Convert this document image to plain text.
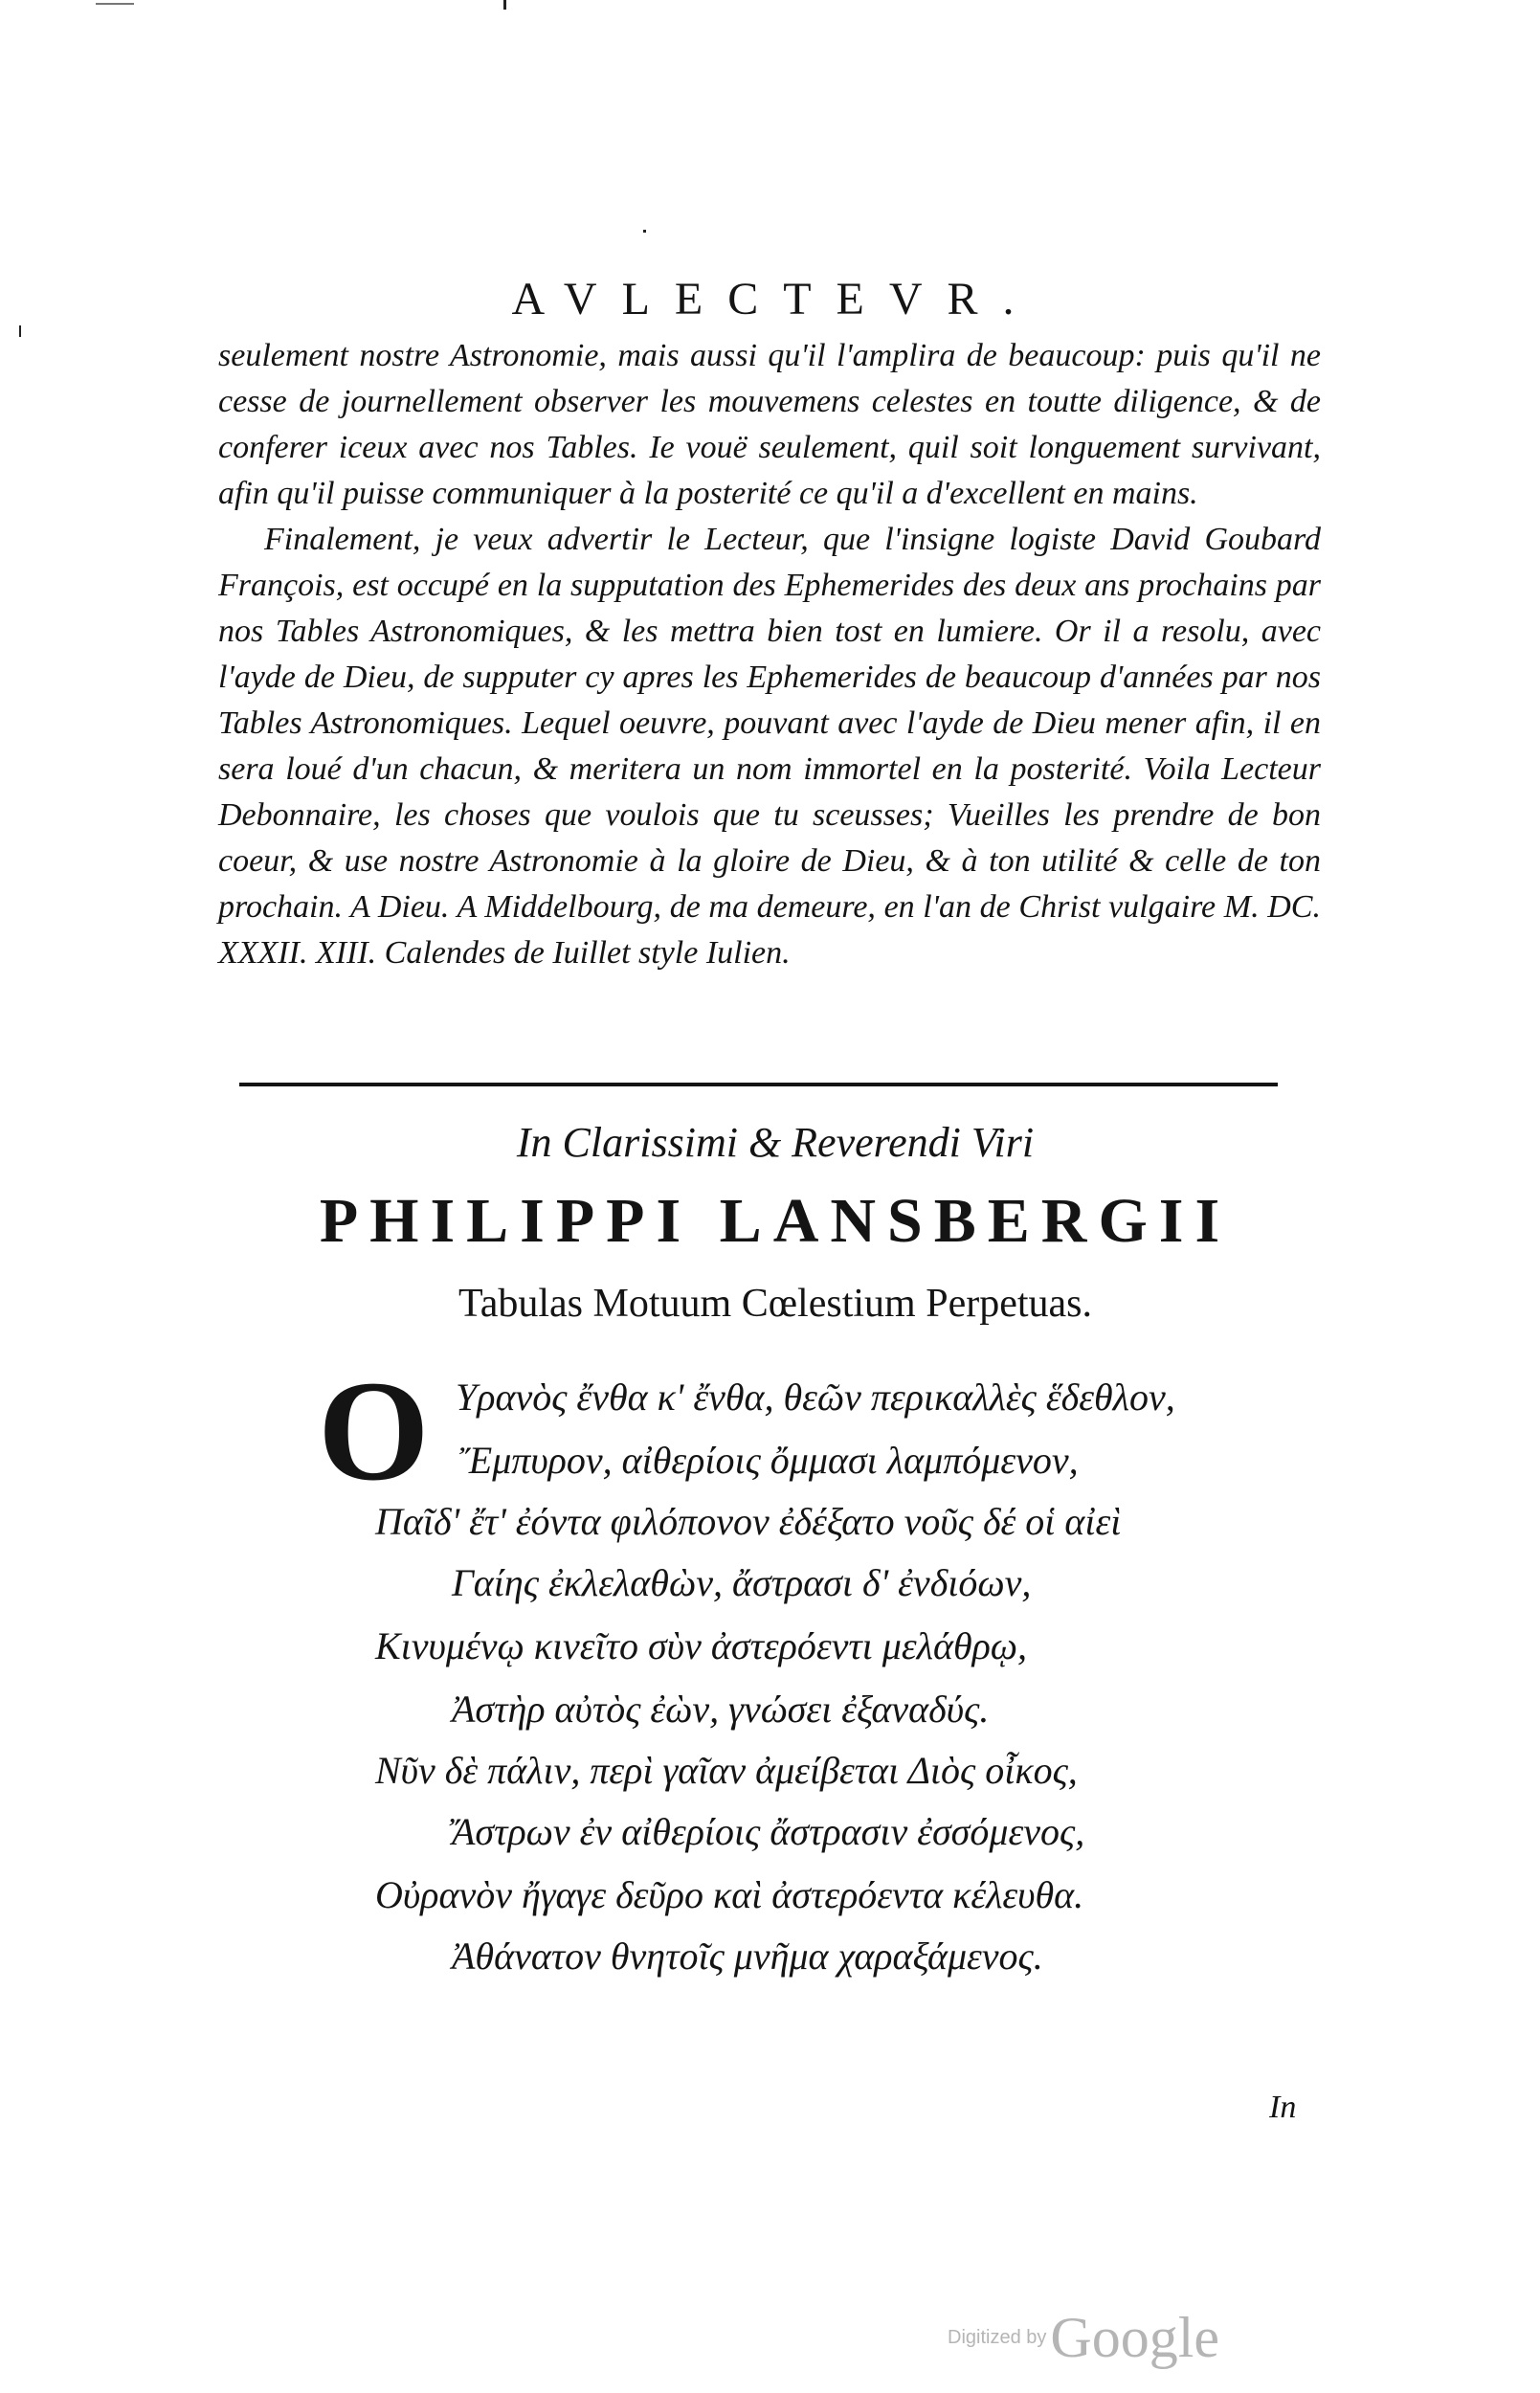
AVLECTEVR.

seulement nostre Astronomie, mais aussi qu'il l'amplira de beaucoup: puis qu'il ne cesse de journellement observer les mouvemens celestes en toutte diligence, & de conferer iceux avec nos Tables. Ie vouë seulement, quil soit longuement survivant, afin qu'il puisse communiquer à la posterité ce qu'il a d'excellent en mains.

Finalement, je veux advertir le Lecteur, que l'insigne logiste David Goubard François, est occupé en la supputation des Ephemerides des deux ans prochains par nos Tables Astronomiques, & les mettra bien tost en lumiere. Or il a resolu, avec l'ayde de Dieu, de supputer cy apres les Ephemerides de beaucoup d'années par nos Tables Astronomiques. Lequel oeuvre, pouvant avec l'ayde de Dieu mener afin, il en sera loué d'un chacun, & meritera un nom immortel en la posterité. Voila Lecteur Debonnaire, les choses que voulois que tu sceusses; Vueilles les prendre de bon coeur, & use nostre Astronomie à la gloire de Dieu, & à ton utilité & celle de ton prochain. A Dieu. A Middelbourg, de ma demeure, en l'an de Christ vulgaire M. DC. XXXII. XIII. Calendes de Iuillet style Iulien.

In Clarissimi & Reverendi Viri
PHILIPPI LANSBERGII
Tabulas Motuum Cœlestium Perpetuas.
O Υρανὸς ἔνθα κ' ἔνθα, θεῶν περικαλλὲς ἕδεθλον,
Ἔμπυρον, αἰθερίοις ὄμμασι λαμπόμενον,
Παῖδ' ἔτ' ἐόντα φιλόπονον ἐδέξατο νοῦς δέ οἱ αἰεὶ
Γαίης ἐκλελαθὼν, ἄστρασι δ' ἐνδιόων,
Κινυμένῳ κινεῖτο σὺν ἀστερόεντι μελάθρῳ,
Ἀστὴρ αὐτὸς ἐὼν, γνώσει ἐξαναδύς.
Νῦν δὲ πάλιν, περὶ γαῖαν ἀμείβεται Διὸς οἶκος,
Ἄστρων ἐν αἰθερίοις ἄστρασιν ἐσσόμενος,
Οὐρανὸν ἤγαγε δεῦρο καὶ ἀστερόεντα κέλευθα.
Ἀθάνατον θνητοῖς μνῆμα χαραξάμενος.
In
Digitized by Google
